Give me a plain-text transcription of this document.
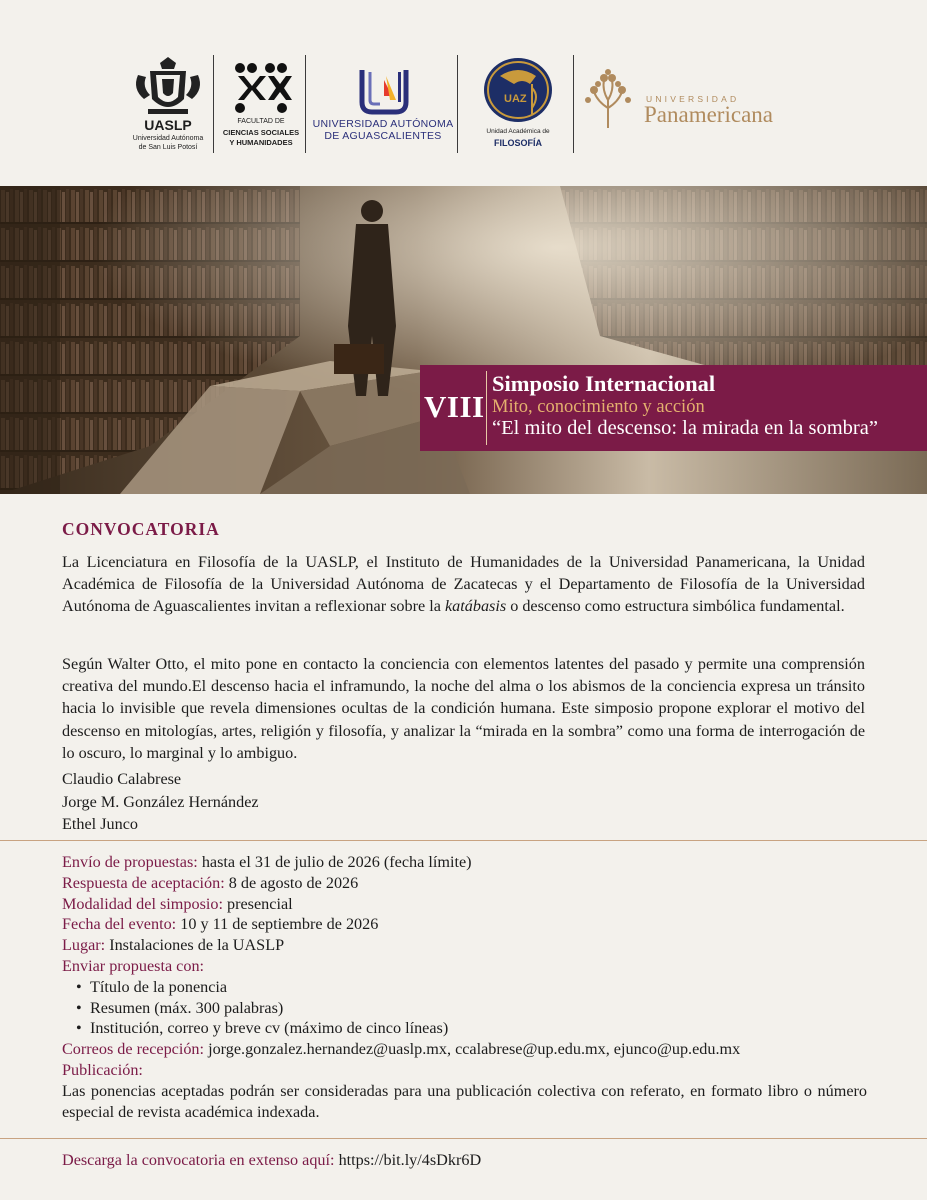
UASLP
Universidad Autónoma
de San Luis Potosí
FACULTAD DE
CIENCIAS SOCIALES
Y HUMANIDADES
UNIVERSIDAD AUTÓNOMA
DE AGUASCALIENTES
UAZ
Unidad Académica de
FILOSOFÍA
UNIVERSIDAD
Panamericana
VIII
Simposio Internacional
Mito, conocimiento y acción
“El mito del descenso: la mirada en la sombra”
CONVOCATORIA
La Licenciatura en Filosofía de la UASLP, el Instituto de Humanidades de la Universidad Panamericana, la Unidad Académica de Filosofía de la Universidad Autónoma de Zacatecas y el Departamento de Filosofía de la Universidad Autónoma de Aguascalientes invitan a reflexionar sobre la katábasis o descenso como estructura simbólica fundamental.
Según Walter Otto, el mito pone en contacto la conciencia con elementos latentes del pasado y permite una comprensión creativa del mundo.El descenso hacia el inframundo, la noche del alma o los abismos de la conciencia expresa un tránsito hacia lo invisible que revela dimensiones ocultas de la condición humana. Este simposio propone explorar el motivo del descenso en mitologías, artes, religión y filosofía, y analizar la “mirada en la sombra” como una forma de interrogación de lo oscuro, lo marginal y lo ambiguo.
Claudio Calabrese
Jorge M. González Hernández
Ethel Junco
Envío de propuestas: hasta el 31 de julio de 2026 (fecha límite)
Respuesta de aceptación: 8 de agosto de 2026
Modalidad del simposio: presencial
Fecha del evento: 10 y 11 de septiembre de 2026
Lugar: Instalaciones de la UASLP
Enviar propuesta con:
• Título de la ponencia
• Resumen (máx. 300 palabras)
• Institución, correo y breve cv (máximo de cinco líneas)
Correos de recepción: jorge.gonzalez.hernandez@uaslp.mx, ccalabrese@up.edu.mx, ejunco@up.edu.mx
Publicación:
Las ponencias aceptadas podrán ser consideradas para una publicación colectiva con referato, en formato libro o número especial de revista académica indexada.
Descarga la convocatoria en extenso aquí: https://bit.ly/4sDkr6D
